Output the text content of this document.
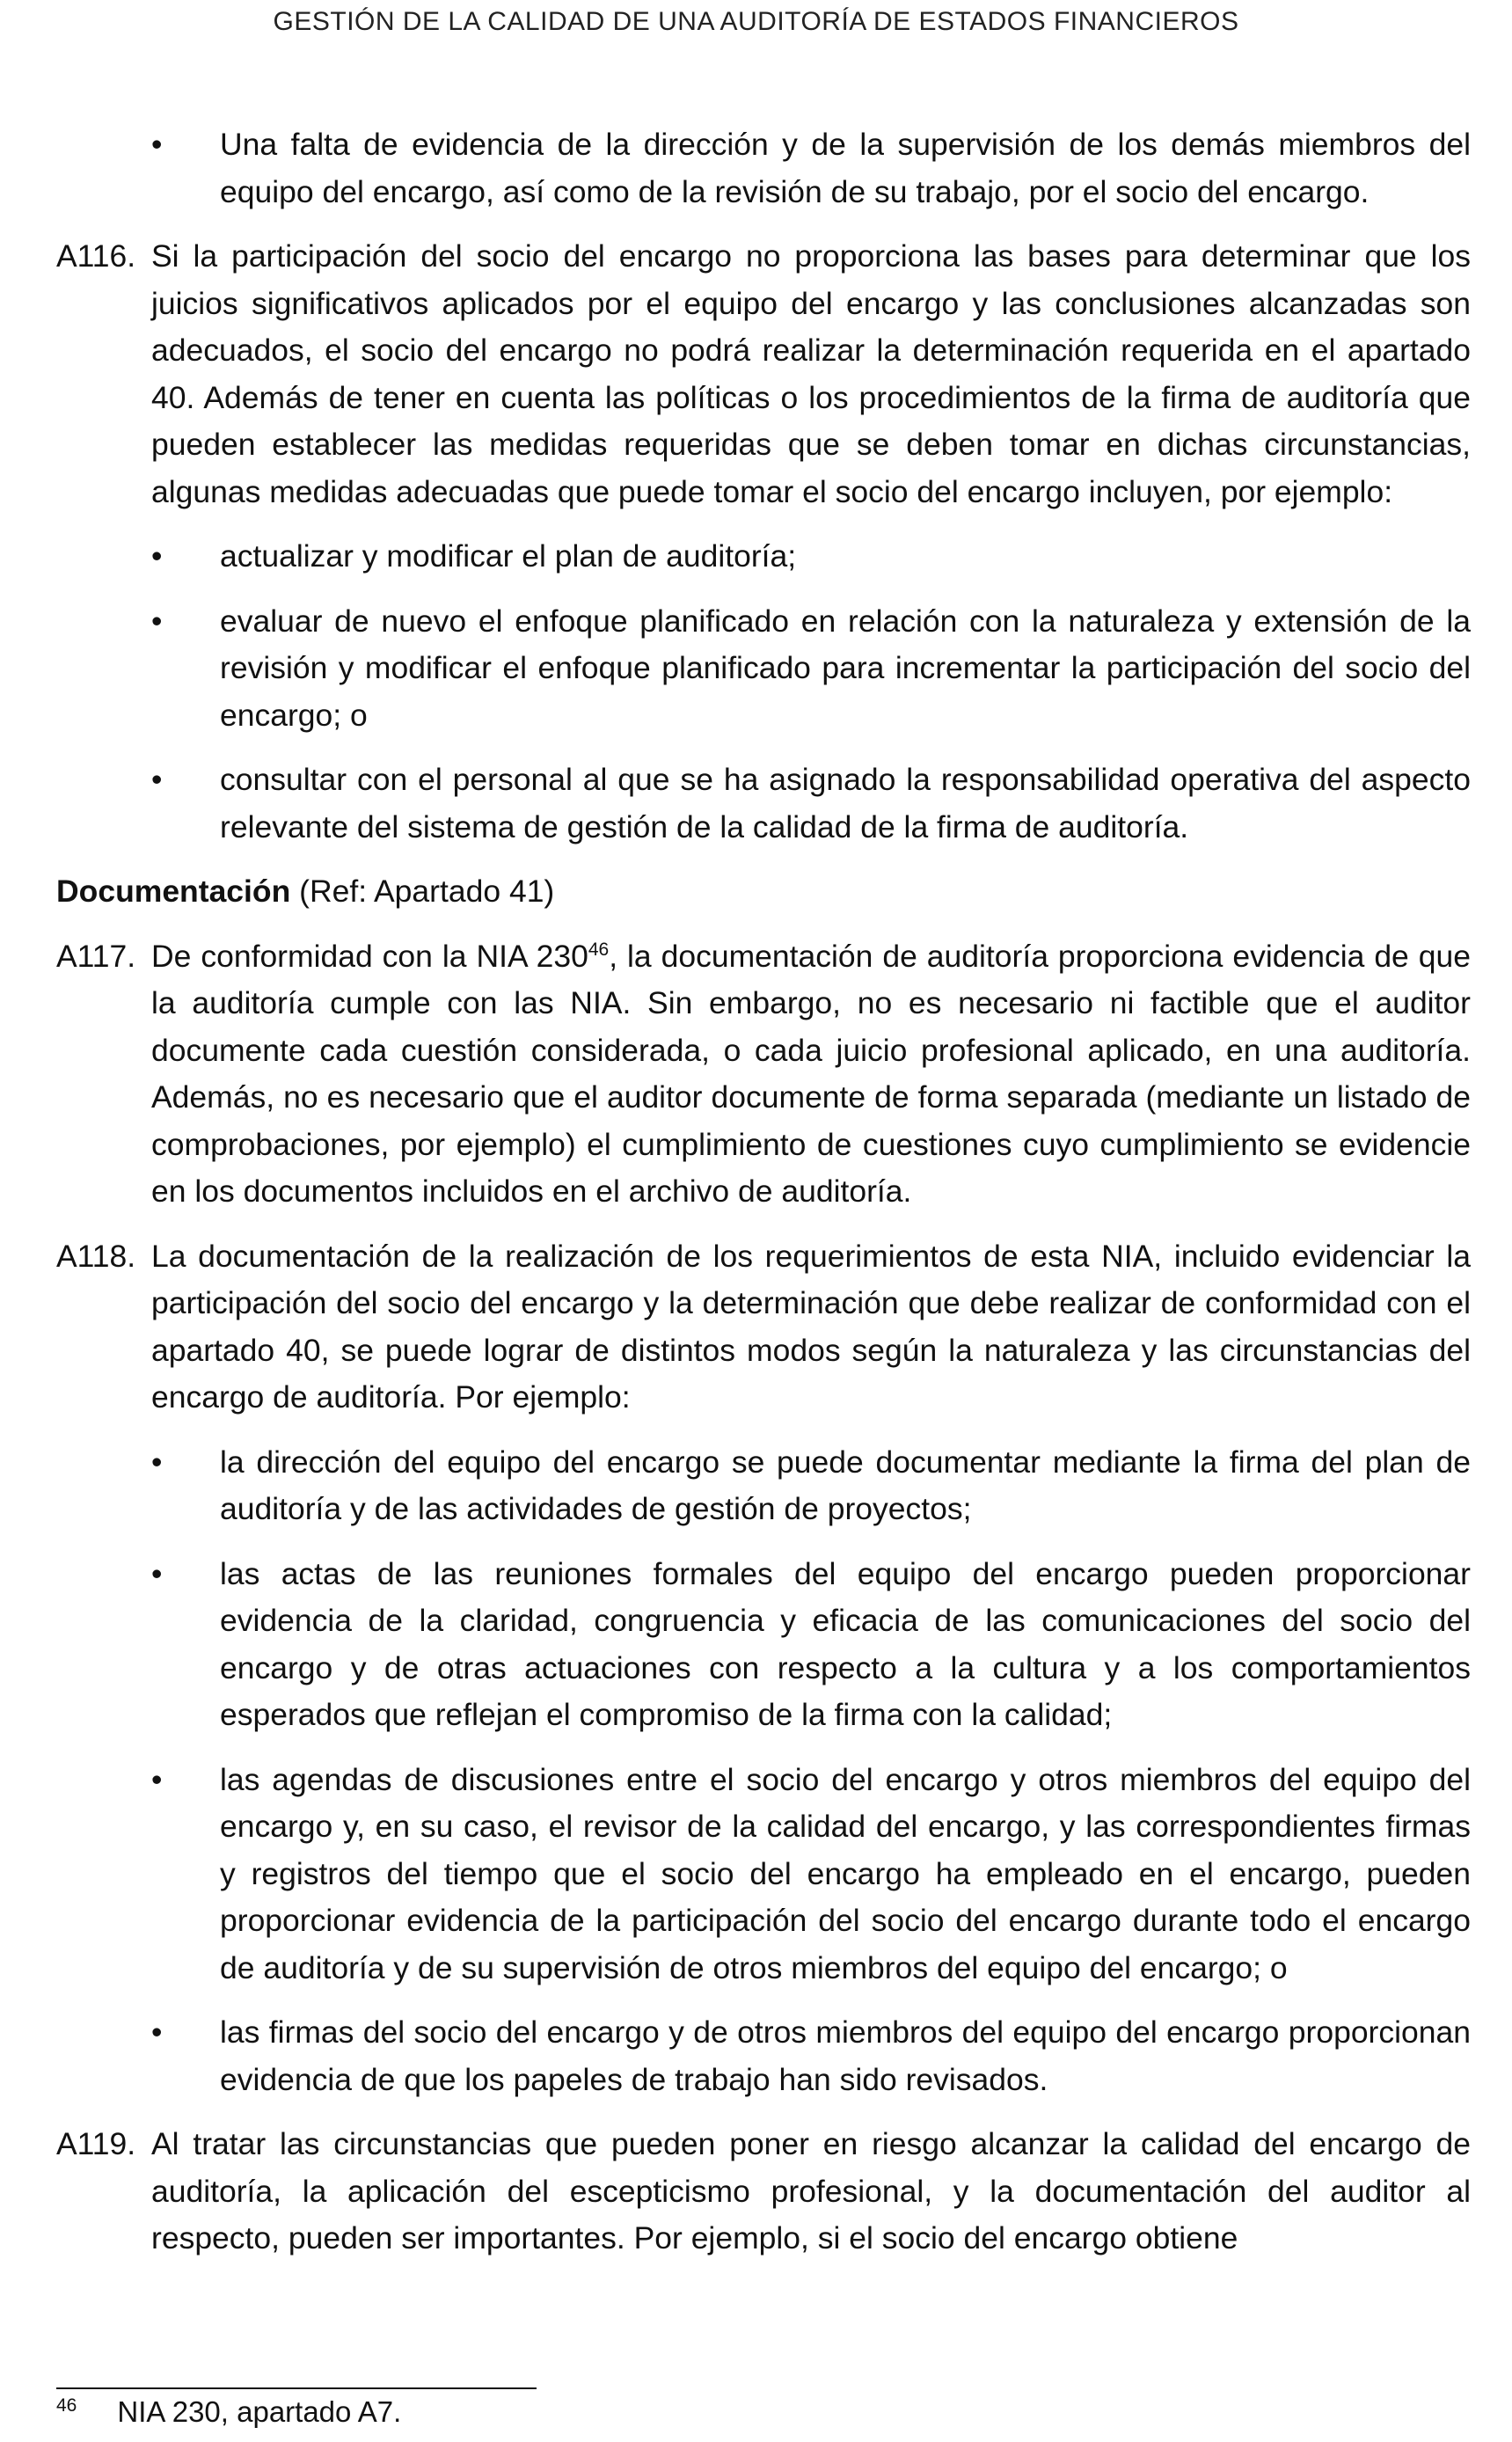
GESTIÓN DE LA CALIDAD DE UNA AUDITORÍA DE ESTADOS FINANCIEROS
• Una falta de evidencia de la dirección y de la supervisión de los demás miembros del equipo del encargo, así como de la revisión de su trabajo, por el socio del encargo.
A116. Si la participación del socio del encargo no proporciona las bases para determinar que los juicios significativos aplicados por el equipo del encargo y las conclusiones alcanzadas son adecuados, el socio del encargo no podrá realizar la determinación requerida en el apartado 40. Además de tener en cuenta las políticas o los procedimientos de la firma de auditoría que pueden establecer las medidas requeridas que se deben tomar en dichas circunstancias, algunas medidas adecuadas que puede tomar el socio del encargo incluyen, por ejemplo:
• actualizar y modificar el plan de auditoría;
• evaluar de nuevo el enfoque planificado en relación con la naturaleza y extensión de la revisión y modificar el enfoque planificado para incrementar la participación del socio del encargo; o
• consultar con el personal al que se ha asignado la responsabilidad operativa del aspecto relevante del sistema de gestión de la calidad de la firma de auditoría.
Documentación (Ref: Apartado 41)
A117. De conformidad con la NIA $230^{46}$, la documentación de auditoría proporciona evidencia de que la auditoría cumple con las NIA. Sin embargo, no es necesario ni factible que el auditor documente cada cuestión considerada, o cada juicio profesional aplicado, en una auditoría. Además, no es necesario que el auditor documente de forma separada (mediante un listado de comprobaciones, por ejemplo) el cumplimiento de cuestiones cuyo cumplimiento se evidencie en los documentos incluidos en el archivo de auditoría.
A118. La documentación de la realización de los requerimientos de esta NIA, incluido evidenciar la participación del socio del encargo y la determinación que debe realizar de conformidad con el apartado 40, se puede lograr de distintos modos según la naturaleza y las circunstancias del encargo de auditoría. Por ejemplo:
• la dirección del equipo del encargo se puede documentar mediante la firma del plan de auditoría y de las actividades de gestión de proyectos;
• las actas de las reuniones formales del equipo del encargo pueden proporcionar evidencia de la claridad, congruencia y eficacia de las comunicaciones del socio del encargo y de otras actuaciones con respecto a la cultura y a los comportamientos esperados que reflejan el compromiso de la firma con la calidad;
• las agendas de discusiones entre el socio del encargo y otros miembros del equipo del encargo y, en su caso, el revisor de la calidad del encargo, y las correspondientes firmas y registros del tiempo que el socio del encargo ha empleado en el encargo, pueden proporcionar evidencia de la participación del socio del encargo durante todo el encargo de auditoría y de su supervisión de otros miembros del equipo del encargo; o
• las firmas del socio del encargo y de otros miembros del equipo del encargo proporcionan evidencia de que los papeles de trabajo han sido revisados.
A119. Al tratar las circunstancias que pueden poner en riesgo alcanzar la calidad del encargo de auditoría, la aplicación del escepticismo profesional, y la documentación del auditor al respecto, pueden ser importantes. Por ejemplo, si el socio del encargo obtiene
$^{46}$ NIA 230, apartado A7.
